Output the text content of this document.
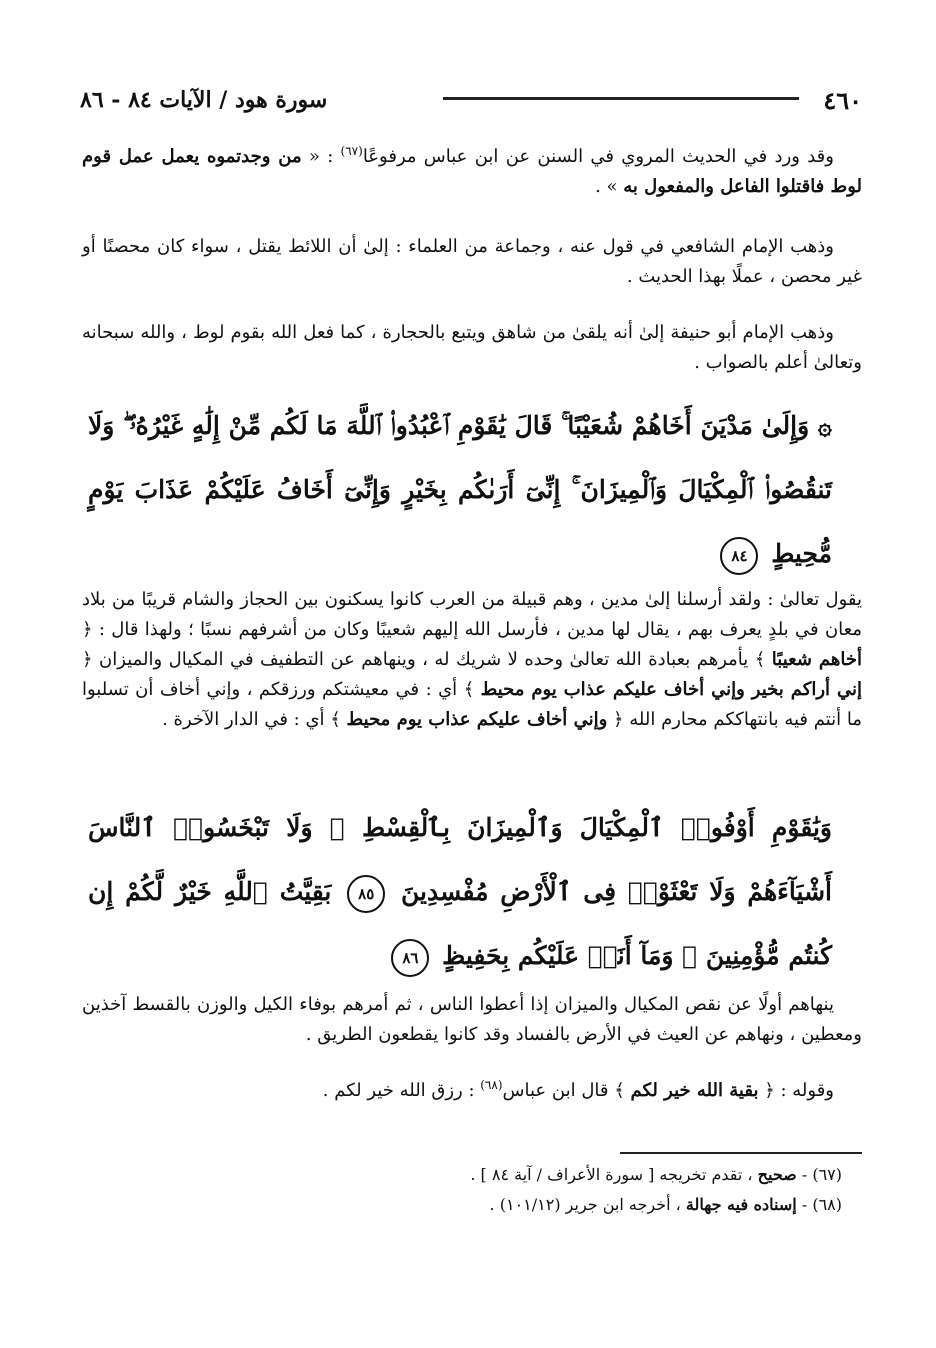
٤٦٠
سورة هود / الآيات ٨٤ - ٨٦

وقد ورد في الحديث المروي في السنن عن ابن عباس مرفوعًا$^{(٦٧)}$ : « من وجدتموه يعمل عمل قوم لوط فاقتلوا الفاعل والمفعول به » .

وذهب الإمام الشافعي في قول عنه ، وجماعة من العلماء : إلىٰ أن اللائط يقتل ، سواء كان محصنًا أو غير محصن ، عملًا بهذا الحديث .

وذهب الإمام أبو حنيفة إلىٰ أنه يلقىٰ من شاهق ويتبع بالحجارة ، كما فعل الله بقوم لوط ، والله سبحانه وتعالىٰ أعلم بالصواب .

۞ وَإِلَىٰ مَدْيَنَ أَخَاهُمْ شُعَيْبًا ۚ قَالَ يَٰقَوْمِ ٱعْبُدُوا۟ ٱللَّهَ مَا لَكُم مِّنْ إِلَٰهٍ غَيْرُهُۥ ۖ وَلَا تَنقُصُوا۟ ٱلْمِكْيَالَ وَٱلْمِيزَانَ ۚ إِنِّىٓ أَرَىٰكُم بِخَيْرٍ وَإِنِّىٓ أَخَافُ عَلَيْكُمْ عَذَابَ يَوْمٍ مُّحِيطٍ ٨٤

يقول تعالىٰ : ولقد أرسلنا إلىٰ مدين ، وهم قبيلة من العرب كانوا يسكنون بين الحجاز والشام قريبًا من بلاد معان في بلدٍ يعرف بهم ، يقال لها مدين ، فأرسل الله إليهم شعيبًا وكان من أشرفهم نسبًا ؛ ولهذا قال : ﴿ أخاهم شعيبًا ﴾ يأمرهم بعبادة الله تعالىٰ وحده لا شريك له ، وينهاهم عن التطفيف في المكيال والميزان ﴿ إني أراكم بخير وإني أخاف عليكم عذاب يوم محيط ﴾ أي : في معيشتكم ورزقكم ، وإني أخاف أن تسلبوا ما أنتم فيه بانتهاككم محارم الله ﴿ وإني أخاف عليكم عذاب يوم محيط ﴾ أي : في الدار الآخرة .

وَيَٰقَوْمِ أَوْفُوا۟ ٱلْمِكْيَالَ وَٱلْمِيزَانَ بِٱلْقِسْطِ ۖ وَلَا تَبْخَسُوا۟ ٱلنَّاسَ أَشْيَآءَهُمْ وَلَا تَعْثَوْا۟ فِى ٱلْأَرْضِ مُفْسِدِينَ ٨٥ بَقِيَّتُ ٱللَّهِ خَيْرٌ لَّكُمْ إِن كُنتُم مُّؤْمِنِينَ ۚ وَمَآ أَنَا۠ عَلَيْكُم بِحَفِيظٍ ٨٦

ينهاهم أولًا عن نقص المكيال والميزان إذا أعطوا الناس ، ثم أمرهم بوفاء الكيل والوزن بالقسط آخذين ومعطين ، ونهاهم عن العيث في الأرض بالفساد وقد كانوا يقطعون الطريق .

وقوله : ﴿ بقية الله خير لكم ﴾ قال ابن عباس$^{(٦٨)}$ : رزق الله خير لكم .

(٦٧) - صحيح ، تقدم تخريجه [ سورة الأعراف / آية ٨٤ ] .

(٦٨) - إسناده فيه جهالة ، أخرجه ابن جرير (١٠١/١٢) .
